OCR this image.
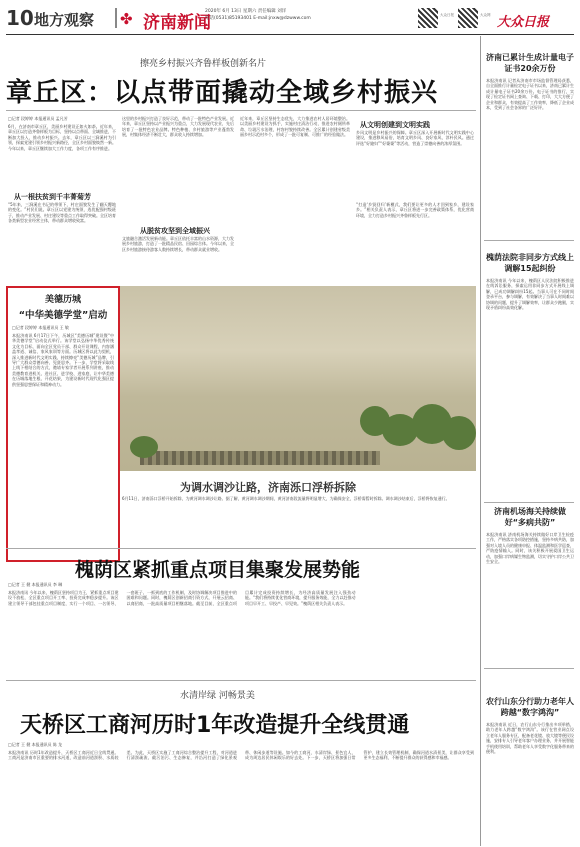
10 地方观察 ✤ 济南新闻
2020年 6月 13日 星期六 责任编辑 刘洋
电话(0531)85193401 E-mail:jnxw@dzwww.com
大众日报	大众网 大众日报
擦亮乡村振兴齐鲁样板创新名片
章丘区：以点带面撬动全域乡村振兴
□记者 段婷婷 本报通讯员 孟凡芳
6月，在济南市章丘区，美丽乡村建设正如火如荼。近年来，章丘区以打造齐鲁样板为目标，坚持以点带面、全域推进，不断加大投入，推动乡村振兴。去年，章丘区以三涧溪村为引领，探索党建引领乡村振兴新路径，全区乡村面貌焕然一新。今年以来，章丘区继续加大工作力度，各项工作有序推进。
从一根扶贫到千丰菁菊芳
“5年来，三涧溪在书记的带领下，村庄面貌发生了翻天覆地的变化。”村民们说。章丘区以党建为统领，选优配强村级班子，推动产业发展、村庄建设等重点工作取得突破。全区培育各类新型农业经营主体，带动群众增收致富。
这里的乡村振兴打造了良好示范，带动了一批特色产业发展。近年来，章丘区坚持以产业振兴为重点，大力发展现代农业，先后培育了一批特色农业品牌。特色种植、乡村旅游等产业蓬勃发展，村集体经济不断壮大，群众收入持续增加。
从脱贫攻坚到全域振兴
文旅融合激活发展新动能。章丘区依托丰富的山水资源，大力发展乡村旅游，打造了一批精品民宿、田园综合体。今年以来，全区乡村旅游接待游客人数持续增长，带动群众就业增收。
近年来，章丘区坚持生态优先，大力推进农村人居环境整治。以美丽乡村建设为抓手，实施村庄清洁行动，推进农村厕所革命、垃圾污水治理，村容村貌持续改善。全区累计创建省级美丽乡村示范村多个，形成了一批可复制、可推广的经验做法。
从文明创建到文明实践
乡风文明是乡村振兴的保障。章丘区深入开展新时代文明实践中心建设，推进移风易俗，培育文明乡风、良好家风、淳朴民风。通过评选“好媳妇”“好婆婆”等活动，营造了崇德向善的浓厚氛围。
“打造‘乡贤回归’新模式，我们要让更多的人才回到家乡，建设家乡。”相关负责人表示，章丘区将进一步完善政策体系，优化营商环境，全力打造乡村振兴齐鲁样板先行区。
为调水调沙让路，济南泺口浮桥拆除
6月11日，济南泺口浮桥开始拆除，为黄河调水调沙让路。据了解，黄河调水调沙期间，黄河济南段流量将明显增大，为确保安全，浮桥需暂时拆除。调水调沙结束后，浮桥将恢复通行。
美德历城
“中华美德学堂”启动
□记者 段婷婷 本报通讯员 王 敏
本报济南讯 6月17日下午，历城区“美德历城”建设暨“中华美德学堂”启动仪式举行。该学堂以弘扬中华优秀传统文化为目标，面向全区党员干部、群众开设课程，内容涵盖孝道、诚信、家风家训等方面。历城区将以此为契机，深入推进新时代文明实践，持续擦亮“美德历城”品牌，引导广大群众崇德向善、见贤思齐。下一步，学堂将采取线上线下相结合的方式，邀请专家学者开展系列讲座，推动美德教育进机关、进社区、进学校、进家庭，让中华美德在历城落地生根、开花结果，为建设新时代现代化强区提供坚强思想保证和精神动力。
槐荫区紧抓重点项目集聚发展势能
□记者 王 健 本报通讯员 李 琳
本报济南讯 今年以来，槐荫区坚持项目为王，紧抓重点项目建设不放松，全区重点项目开工率、投资完成率稳步提升。该区建立领导干部包挂重点项目制度，实行一个项目、一名领导、一套班子、一抓到底的工作机制，及时协调解决项目推进中的困难和问题。同时，槐荫区创新招商引资方式，开展云招商、以商招商，一批高质量项目相继落地。截至目前，全区重点项目累计完成投资持续增长，为经济高质量发展注入强劲动能。“我们将持续优化营商环境，提升服务效能，全力以赴推动项目早开工、早投产、早见效。”槐荫区相关负责人表示。
水清岸绿 河畅景美
天桥区工商河历时1年改造提升全线贯通
□记者 王 健 本报通讯员 陈 龙
本报济南讯 历时1年改造提升，天桥区工商河近日全线贯通。工商河是济南市区重要的排水河道，改造前河道淤积、水质较差。为此，天桥区实施了工商河综合整治提升工程，对河道进行清淤疏浚、截污治污、生态修复，并沿河打造了绿化景观带、休闲步道等设施。如今的工商河，水清岸绿、景色宜人，成为周边居民休闲娱乐的好去处。下一步，天桥区将加强日常管护，建立长效管理机制，确保河道水清景美，让群众享受到更多生态福利，不断提升群众的获得感和幸福感。
济南已累计生成计量电子证书20余万份
本报济南讯 记者从济南市市场监督管理局获悉，自全面推行计量检定电子证书以来，济南已累计生成计量电子证书20余万份。电子证书的推行，实现了检定证书网上查询、下载、打印，大大方便了企业和群众，有效提高了工作效率，降低了企业成本，受到了社会各界的广泛好评。
槐荫法院非同步方式线上调解15起纠纷
本报济南讯 今年以来，槐荫区人民法院积极推进在线诉讼服务，探索运用非同步方式开展线上调解，已成功调解纠纷15起。当事人可在不同时间登录平台，参与调解，有效解决了当事人时间难以协调的问题，提升了调解效率，让群众少跑腿，实现矛盾纠纷高效化解。
济南机场海关持续做好“多病共防”
本报济南讯 济南机场海关持续做好口岸卫生检疫工作，严格落实各项防控措施，坚持多病共防，加强对入境人员的健康申报、体温监测和医学巡查，严防疫情输入。同时，该关积极开展爱国卫生运动，加强口岸病媒生物监测，切实守护口岸公共卫生安全。
农行山东分行助力老年人跨越“数字鸿沟”
本报济南讯 近日，农行山东分行推出多项举措，助力老年人跨越“数字鸿沟”。该行在营业网点设立老年人服务专区，配备老花镜、放大镜等便民设施，安排专人引导老年客户办理业务，并开展智能手机使用培训，帮助老年人享受数字化服务带来的便利。
